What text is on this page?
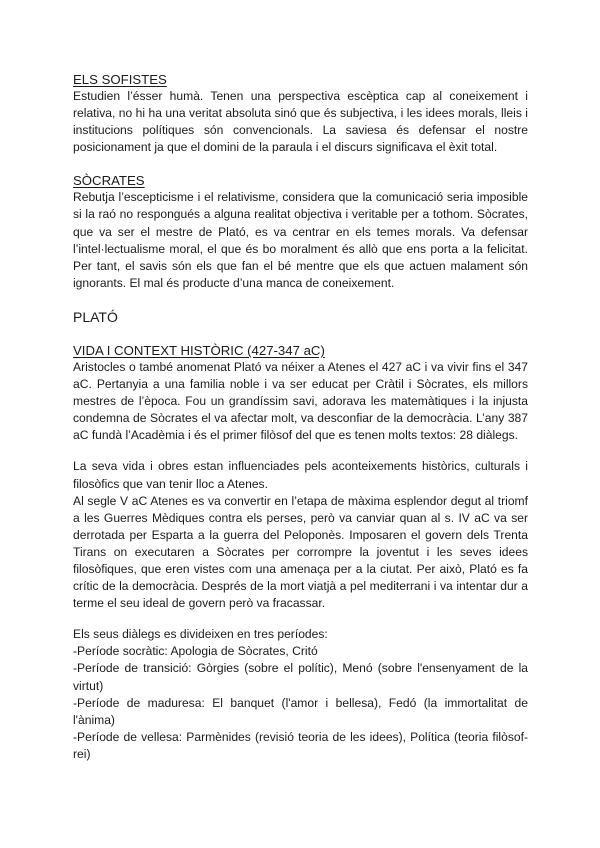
ELS SOFISTES

Estudien l’ésser humà. Tenen una perspectiva escèptica cap al coneixement i relativa, no hi ha una veritat absoluta sinó que és subjectiva, i les idees morals, lleis i institucions polítiques són convencionals. La saviesa és defensar el nostre posicionament ja que el domini de la paraula i el discurs significava el èxit total.

SÒCRATES

Rebutja l’escepticisme i el relativisme, considera que la comunicació seria imposible si la raó no respongués a alguna realitat objectiva i veritable per a tothom. Sòcrates, que va ser el mestre de Plató, es va centrar en els temes morals. Va defensar l’intel·lectualisme moral, el que és bo moralment és allò que ens porta a la felicitat. Per tant, el savis són els que fan el bé mentre que els que actuen malament són ignorants. El mal és producte d’una manca de coneixement.

PLATÓ
VIDA I CONTEXT HISTÒRIC (427-347 aC)

Aristocles o també anomenat Plató va néixer a Atenes el 427 aC i va vivir fins el 347 aC. Pertanyia a una familia noble i va ser educat per Cràtil i Sòcrates, els millors mestres de l’època. Fou un grandíssim savi, adorava les matemàtiques i la injusta condemna de Sòcrates el va afectar molt, va desconfiar de la democràcia. L’any 387 aC fundà l’Acadèmia i és el primer filòsof del que es tenen molts textos: 28 diàlegs.

La seva vida i obres estan influenciades pels aconteixements històrics, culturals i filosòfics que van tenir lloc a Atenes.

Al segle V aC Atenes es va convertir en l’etapa de màxima esplendor degut al triomf a les Guerres Mèdiques contra els perses, però va canviar quan al s. IV aC va ser derrotada per Esparta a la guerra del Peloponès. Imposaren el govern dels Trenta Tirans on executaren a Sòcrates per corrompre la joventut i les seves idees filosòfiques, que eren vistes com una amenaça per a la ciutat. Per això, Plató es fa crític de la democràcia. Després de la mort viatjà a pel mediterrani i va intentar dur a terme el seu ideal de govern però va fracassar.

Els seus diàlegs es divideixen en tres períodes:

-Període socràtic: Apologia de Sòcrates, Critó

-Període de transició: Gòrgies (sobre el polític), Menó (sobre l'ensenyament de la virtut)

-Període de maduresa: El banquet (l'amor i bellesa), Fedó (la immortalitat de l'ànima)

-Període de vellesa: Parmènides (revisió teoria de les idees), Política (teoria filòsof-rei)
